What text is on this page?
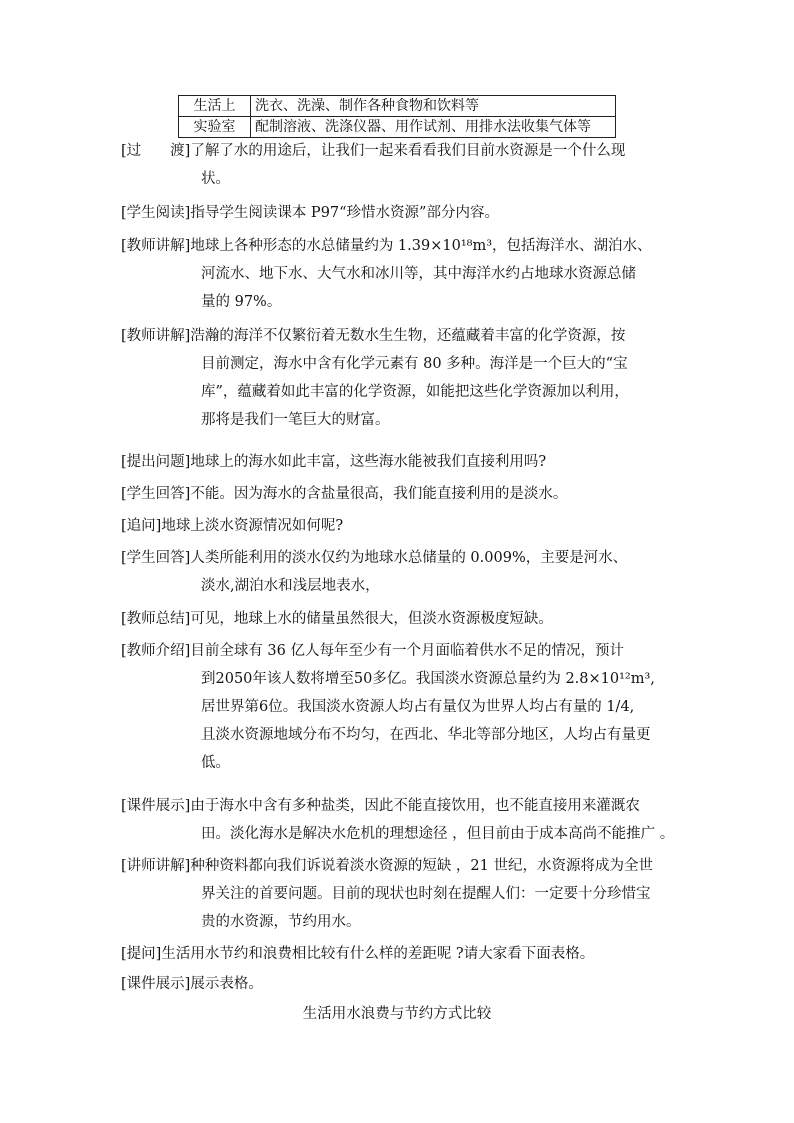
生活上	洗衣、洗澡、制作各种食物和饮料等
实验室	配制溶液、洗涤仪器、用作试剂、用排水法收集气体等
[过　　渡]了解了水的用途后，让我们一起来看看我们目前水资源是一个什么现
状。
[学生阅读]指导学生阅读课本 P97“珍惜水资源”部分内容。
[教师讲解]地球上各种形态的水总储量约为 1.39×10¹⁸m³，包括海洋水、湖泊水、
河流水、地下水、大气水和冰川等，其中海洋水约占地球水资源总储
量的 97%。
[教师讲解]浩瀚的海洋不仅繁衍着无数水生生物，还蕴藏着丰富的化学资源，按
目前测定，海水中含有化学元素有 80 多种。海洋是一个巨大的“宝
库”，蕴藏着如此丰富的化学资源，如能把这些化学资源加以利用，
那将是我们一笔巨大的财富。
[提出问题]地球上的海水如此丰富，这些海水能被我们直接利用吗?
[学生回答]不能。因为海水的含盐量很高，我们能直接利用的是淡水。
[追问]地球上淡水资源情况如何呢?
[学生回答]人类所能利用的淡水仅约为地球水总储量的 0.009%，主要是河水、
淡水,湖泊水和浅层地表水，
[教师总结]可见，地球上水的储量虽然很大，但淡水资源极度短缺。
[教师介绍]目前全球有 36 亿人每年至少有一个月面临着供水不足的情况，预计
到2050年该人数将增至50多亿。我国淡水资源总量约为 2.8×10¹²m³,
居世界第6位。我国淡水资源人均占有量仅为世界人均占有量的 1/4,
且淡水资源地域分布不均匀，在西北、华北等部分地区，人均占有量更
低。
[课件展示]由于海水中含有多种盐类，因此不能直接饮用，也不能直接用来灌溉农
田。淡化海水是解决水危机的理想途径 ，但目前由于成本高尚不能推广 。
[讲师讲解]种种资料都向我们诉说着淡水资源的短缺 ，21 世纪，水资源将成为全世
界关注的首要问题。目前的现状也时刻在提醒人们：一定要十分珍惜宝
贵的水资源，节约用水。
[提问]生活用水节约和浪费相比较有什么样的差距呢 ?请大家看下面表格。
[课件展示]展示表格。
生活用水浪费与节约方式比较
